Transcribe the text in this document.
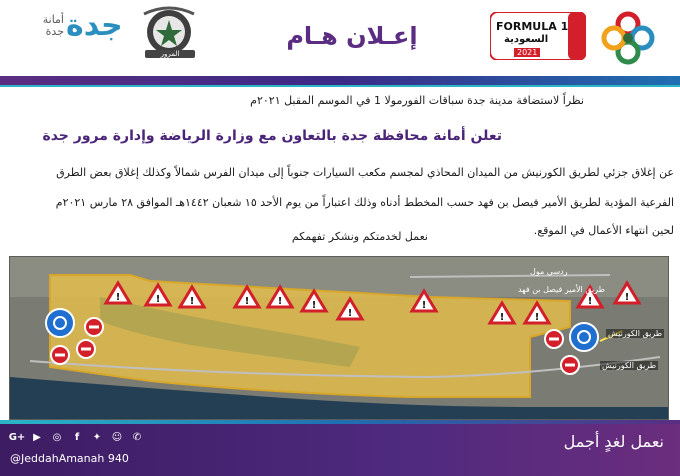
أمانة جدة جدة
المرور
إعـلان هـام	FORMULA 1
السعودية
2021
نظراً لاستضافة مدينة جدة سباقات الفورمولا 1 في الموسم المقبل ٢٠٢١م
تعلن أمانة محافظة جدة بالتعاون مع وزارة الرياضة وإدارة مرور جدة
عن إغلاق جزئي لطريق الكورنيش من الميدان المحاذي لمجسم مكعب السيارات جنوباً إلى ميدان الفرس شمالاً وكذلك إغلاق بعض الطرق
الفرعية المؤدية لطريق الأمير فيصل بن فهد حسب المخطط أدناه وذلك اعتباراً من يوم الأحد ١٥ شعبان ١٤٤٢هـ الموافق ٢٨ مارس ٢٠٢١م
لحين انتهاء الأعمال في الموقع.
نعمل لخدمتكم ونشكر تفهمكم
!	!	!	!	!	!
!
!
!	!
!	!
ردسي مول
طريق الأمير فيصل بن فهد
طريق الكورنيش
طريق الكورنيش
G+ ▶	◎	f	✦ ☺ ✆
@JeddahAmanah 940
نعمل لغدٍ أجمل
